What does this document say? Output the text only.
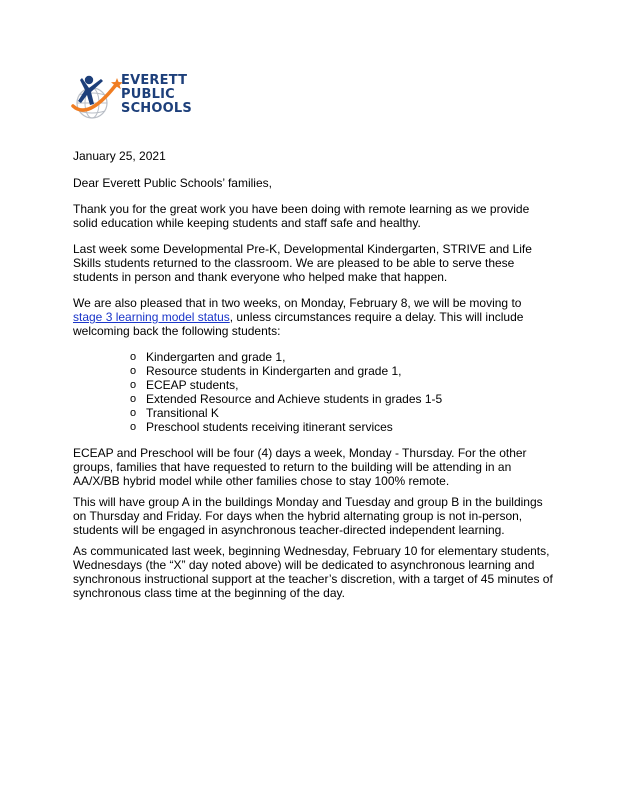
EVERETT
PUBLIC
SCHOOLS

January 25, 2021

Dear Everett Public Schools’ families,

Thank you for the great work you have been doing with remote learning as we provide solid education while keeping students and staff safe and healthy.

Last week some Developmental Pre-K, Developmental Kindergarten, STRIVE and Life Skills students returned to the classroom. We are pleased to be able to serve these students in person and thank everyone who helped make that happen.

We are also pleased that in two weeks, on Monday, February 8, we will be moving to stage 3 learning model status, unless circumstances require a delay. This will include welcoming back the following students:

o Kindergarten and grade 1,
o Resource students in Kindergarten and grade 1,
o ECEAP students,
o Extended Resource and Achieve students in grades 1-5
o Transitional K
o Preschool students receiving itinerant services

ECEAP and Preschool will be four (4) days a week, Monday - Thursday. For the other groups, families that have requested to return to the building will be attending in an AA/X/BB hybrid model while other families chose to stay 100% remote.

This will have group A in the buildings Monday and Tuesday and group B in the buildings on Thursday and Friday. For days when the hybrid alternating group is not in-person, students will be engaged in asynchronous teacher-directed independent learning.

As communicated last week, beginning Wednesday, February 10 for elementary students, Wednesdays (the “X” day noted above) will be dedicated to asynchronous learning and synchronous instructional support at the teacher’s discretion, with a target of 45 minutes of synchronous class time at the beginning of the day.
